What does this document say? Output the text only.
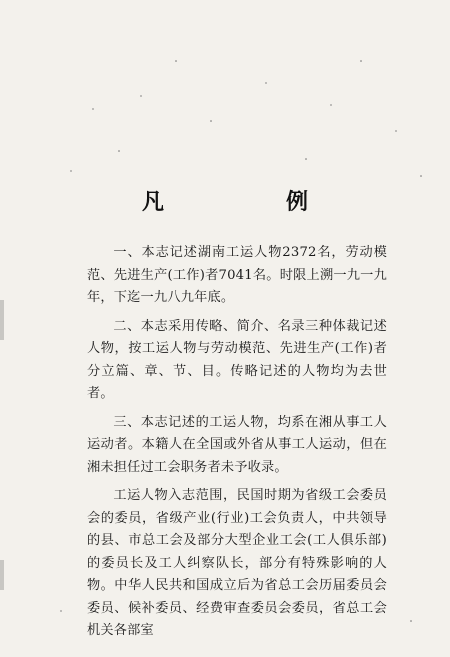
凡　例

一、本志记述湖南工运人物2372名，劳动模范、先进生产(工作)者7041名。时限上溯一九一九年，下迄一九八九年底。

二、本志采用传略、简介、名录三种体裁记述人物，按工运人物与劳动模范、先进生产(工作)者分立篇、章、节、目。传略记述的人物均为去世者。

三、本志记述的工运人物，均系在湘从事工人运动者。本籍人在全国或外省从事工人运动，但在湘未担任过工会职务者未予收录。

工运人物入志范围，民国时期为省级工会委员会的委员，省级产业(行业)工会负责人，中共领导的县、市总工会及部分大型企业工会(工人俱乐部)的委员长及工人纠察队长，部分有特殊影响的人物。中华人民共和国成立后为省总工会历届委员会委员、候补委员、经费审查委员会委员，省总工会机关各部室
